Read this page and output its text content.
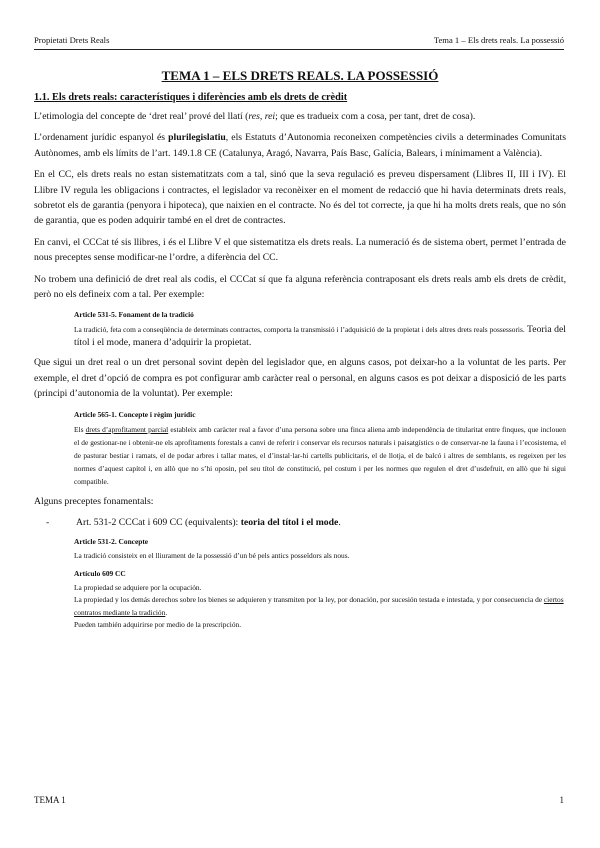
Propietati Drets Reals	Tema 1 – Els drets reals. La possessió
TEMA 1 – ELS DRETS REALS. LA POSSESSIÓ
1.1. Els drets reals: característiques i diferències amb els drets de crèdit

L’etimologia del concepte de ‘dret real’ prové del llatí (res, rei; que es tradueix com a cosa, per tant, dret de cosa).

L’ordenament jurídic espanyol és plurilegislatiu, els Estatuts d’Autonomia reconeixen competències civils a determinades Comunitats Autònomes, amb els límits de l’art. 149.1.8 CE (Catalunya, Aragó, Navarra, País Basc, Galícia, Balears, i mínimament a València).

En el CC, els drets reals no estan sistematitzats com a tal, sinó que la seva regulació es preveu dispersament (Llibres II, III i IV). El Llibre IV regula les obligacions i contractes, el legislador va reconèixer en el moment de redacció que hi havia determinats drets reals, sobretot els de garantia (penyora i hipoteca), que naixien en el contracte. No és del tot correcte, ja que hi ha molts drets reals, que no són de garantia, que es poden adquirir també en el dret de contractes.

En canvi, el CCCat té sis llibres, i és el Llibre V el que sistematitza els drets reals. La numeració és de sistema obert, permet l’entrada de nous preceptes sense modificar-ne l’ordre, a diferència del CC.

No trobem una definició de dret real als codis, el CCCat sí que fa alguna referència contraposant els drets reals amb els drets de crèdit, però no els defineix com a tal. Per exemple:

Article 531-5. Fonament de la tradició
La tradició, feta com a conseqüència de determinats contractes, comporta la transmissió i l’adquisició de la propietat i dels altres drets reals possessoris. Teoria del títol i el mode, manera d’adquirir la propietat.

Que sigui un dret real o un dret personal sovint depèn del legislador que, en alguns casos, pot deixar-ho a la voluntat de les parts. Per exemple, el dret d’opció de compra es pot configurar amb caràcter real o personal, en alguns casos es pot deixar a disposició de les parts (principi d’autonomia de la voluntat). Per exemple:

Article 565-1. Concepte i règim jurídic
Els drets d’aprofitament parcial estableix amb caràcter real a favor d’una persona sobre una finca aliena amb independència de titularitat entre finques, que inclouen el de gestionar-ne i obtenir-ne els aprofitaments forestals a canvi de referir i conservar els recursos naturals i paisatgístics o de conservar-ne la fauna i l’ecosistema, el de pasturar bestiar i ramats, el de podar arbres i tallar mates, el d’instal·lar-hi cartells publicitaris, el de llotja, el de balcó i altres de semblants, es regeixen per les normes d’aquest capítol i, en allò que no s’hi oposin, pel seu títol de constitució, pel costum i per les normes que regulen el dret d’usdefruit, en allò que hi sigui compatible.

Alguns preceptes fonamentals:

-	Art. 531-2 CCCat i 609 CC (equivalents): teoria del títol i el mode.
Article 531-2. Concepte
La tradició consisteix en el lliurament de la possessió d’un bé pels antics posseïdors als nous.
Artículo 609 CC
La propiedad se adquiere por la ocupación.
La propiedad y los demás derechos sobre los bienes se adquieren y transmiten por la ley, por donación, por sucesión testada e intestada, y por consecuencia de ciertos contratos mediante la tradición.
Pueden también adquirirse por medio de la prescripción.
TEMA 1	1
